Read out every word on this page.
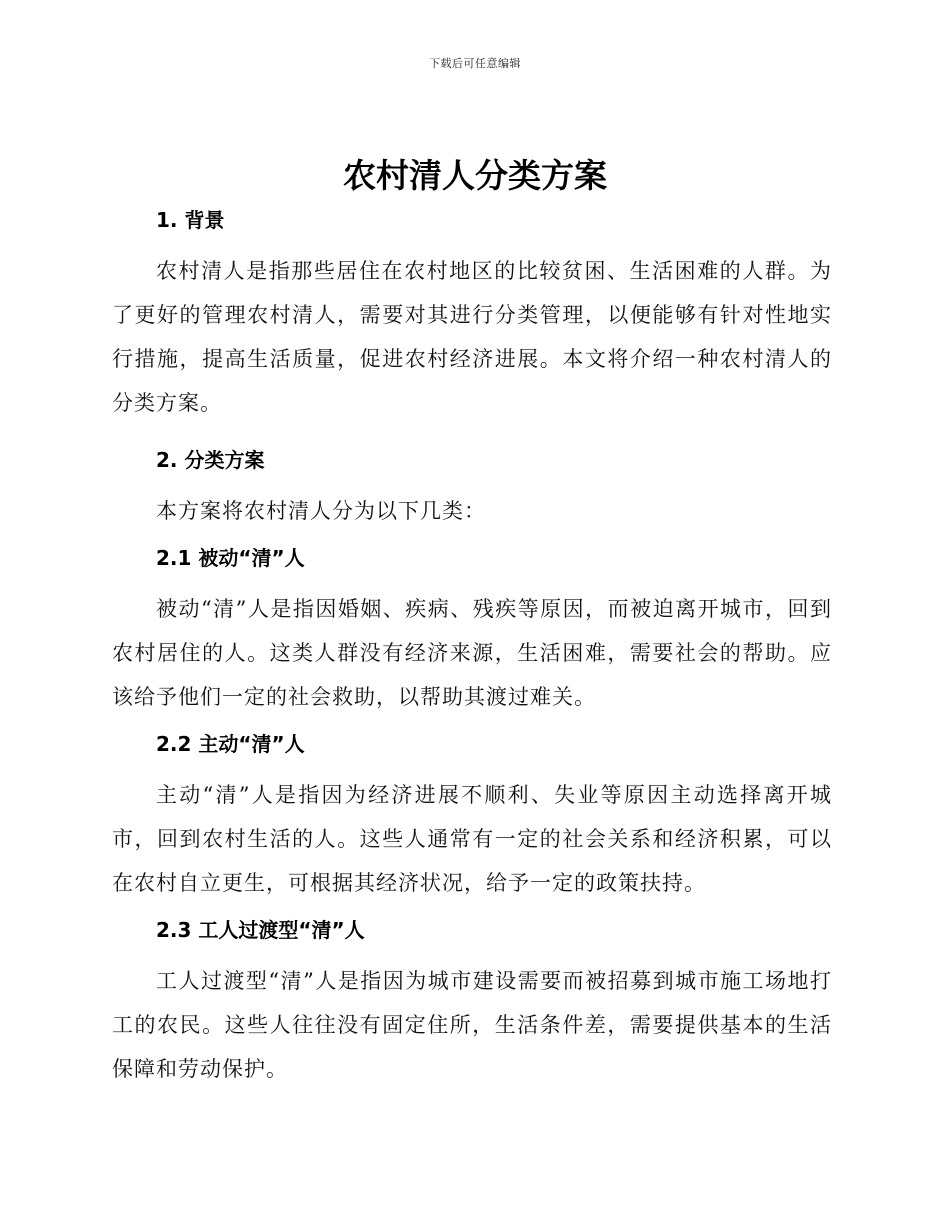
下载后可任意编辑
农村清人分类方案
1. 背景

农村清人是指那些居住在农村地区的比较贫困、生活困难的人群。为了更好的管理农村清人，需要对其进行分类管理，以便能够有针对性地实行措施，提高生活质量，促进农村经济进展。本文将介绍一种农村清人的分类方案。

2. 分类方案

本方案将农村清人分为以下几类：

2.1 被动“清”人

被动“清”人是指因婚姻、疾病、残疾等原因，而被迫离开城市，回到农村居住的人。这类人群没有经济来源，生活困难，需要社会的帮助。应该给予他们一定的社会救助，以帮助其渡过难关。

2.2 主动“清”人

主动“清”人是指因为经济进展不顺利、失业等原因主动选择离开城市，回到农村生活的人。这些人通常有一定的社会关系和经济积累，可以在农村自立更生，可根据其经济状况，给予一定的政策扶持。

2.3 工人过渡型“清”人

工人过渡型“清”人是指因为城市建设需要而被招募到城市施工场地打工的农民。这些人往往没有固定住所，生活条件差，需要提供基本的生活保障和劳动保护。
